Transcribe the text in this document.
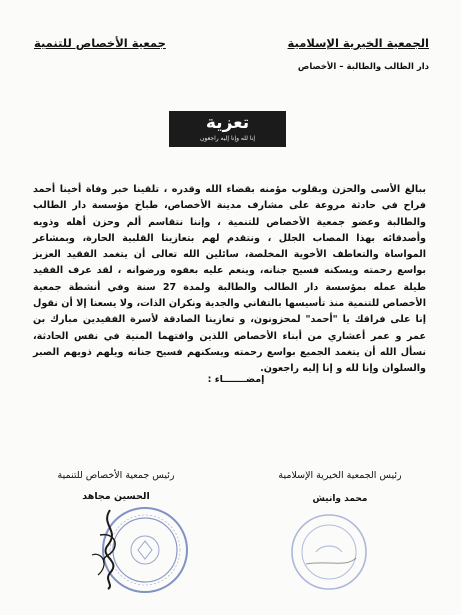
الجمعية الخيرية الإسلامية
دار الطالب والطالبة – الأخصاص
جمعية الأخصاص للتنمية
تعزية
إنا لله وإنا إليه راجعون

ببالغ الأسى والحزن وبقلوب مؤمنه بقضاء الله وقدره ، تلقينا خبر وفاة أخينا أحمد فراح في حادثة مروعة على مشارف مدينة الأخصاص، طباخ مؤسسة دار الطالب والطالبة وعضو جمعية الأخصاص للتنمية ، وإننا نتقاسم ألم وحزن أهله وذويه وأصدقائه بهذا المصاب الجلل ، ونتقدم لهم بتعازينا القلبية الحارة، وبمشاعر المواساة والتعاطف الأخوية المخلصة، سائلين الله تعالى أن يتغمد الفقيد العزيز بواسع رحمته ويسكنه فسيح جنانه، وينعم عليه بعفوه ورضوانه ، لقد عرف الفقيد طيلة عمله بمؤسسة دار الطالب والطالبة ولمدة 27 سنة وفي أنشطة جمعية الأخصاص للتنمية منذ تأسيسها بالتفاني والجدية ونكران الذات، ولا يسعنا إلا أن نقول إنا على فراقك يا "أحمد" لمحزونون، و تعازينا الصادقة لأسرة الفقيدين مبارك بن عمر و عمر أعشاري من أبناء الأخصاص اللذين وافتهما المنية في نفس الحادثة، نسأل الله أن يتغمد الجميع بواسع رحمته ويسكنهم فسيح جنانه ويلهم ذويهم الصبر والسلوان وإنا لله و إنا إليه راجعون.

إمضـــــــاء :
رئيس الجمعية الخيرية الإسلامية
محمد وانيش
رئيس جمعية الأخصاص للتنمية
الحسين مجاهد
